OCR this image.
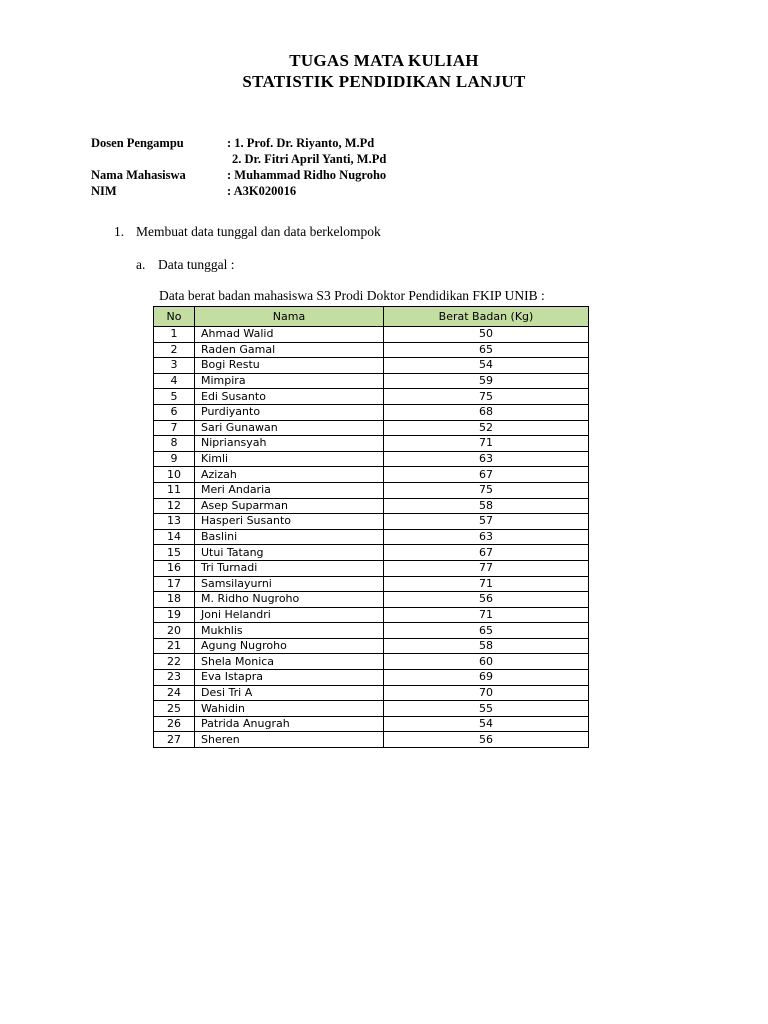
TUGAS MATA KULIAH
STATISTIK PENDIDIKAN LANJUT
Dosen Pengampu	: 1. Prof. Dr. Riyanto, M.Pd
2. Dr. Fitri April Yanti, M.Pd
Nama Mahasiswa	: Muhammad Ridho Nugroho
NIM	: A3K020016
1. Membuat data tunggal dan data berkelompok
a. Data tunggal :
Data berat badan mahasiswa S3 Prodi Doktor Pendidikan FKIP UNIB :
No	Nama	Berat Badan (Kg)
1	Ahmad Walid	50
2	Raden Gamal	65
3	Bogi Restu	54
4	Mimpira	59
5	Edi Susanto	75
6	Purdiyanto	68
7	Sari Gunawan	52
8	Nipriansyah	71
9	Kimli	63
10	Azizah	67
11	Meri Andaria	75
12	Asep Suparman	58
13	Hasperi Susanto	57
14	Baslini	63
15	Utui Tatang	67
16	Tri Turnadi	77
17	Samsilayurni	71
18	M. Ridho Nugroho	56
19	Joni Helandri	71
20	Mukhlis	65
21	Agung Nugroho	58
22	Shela Monica	60
23	Eva Istapra	69
24	Desi Tri A	70
25	Wahidin	55
26	Patrida Anugrah	54
27	Sheren	56
